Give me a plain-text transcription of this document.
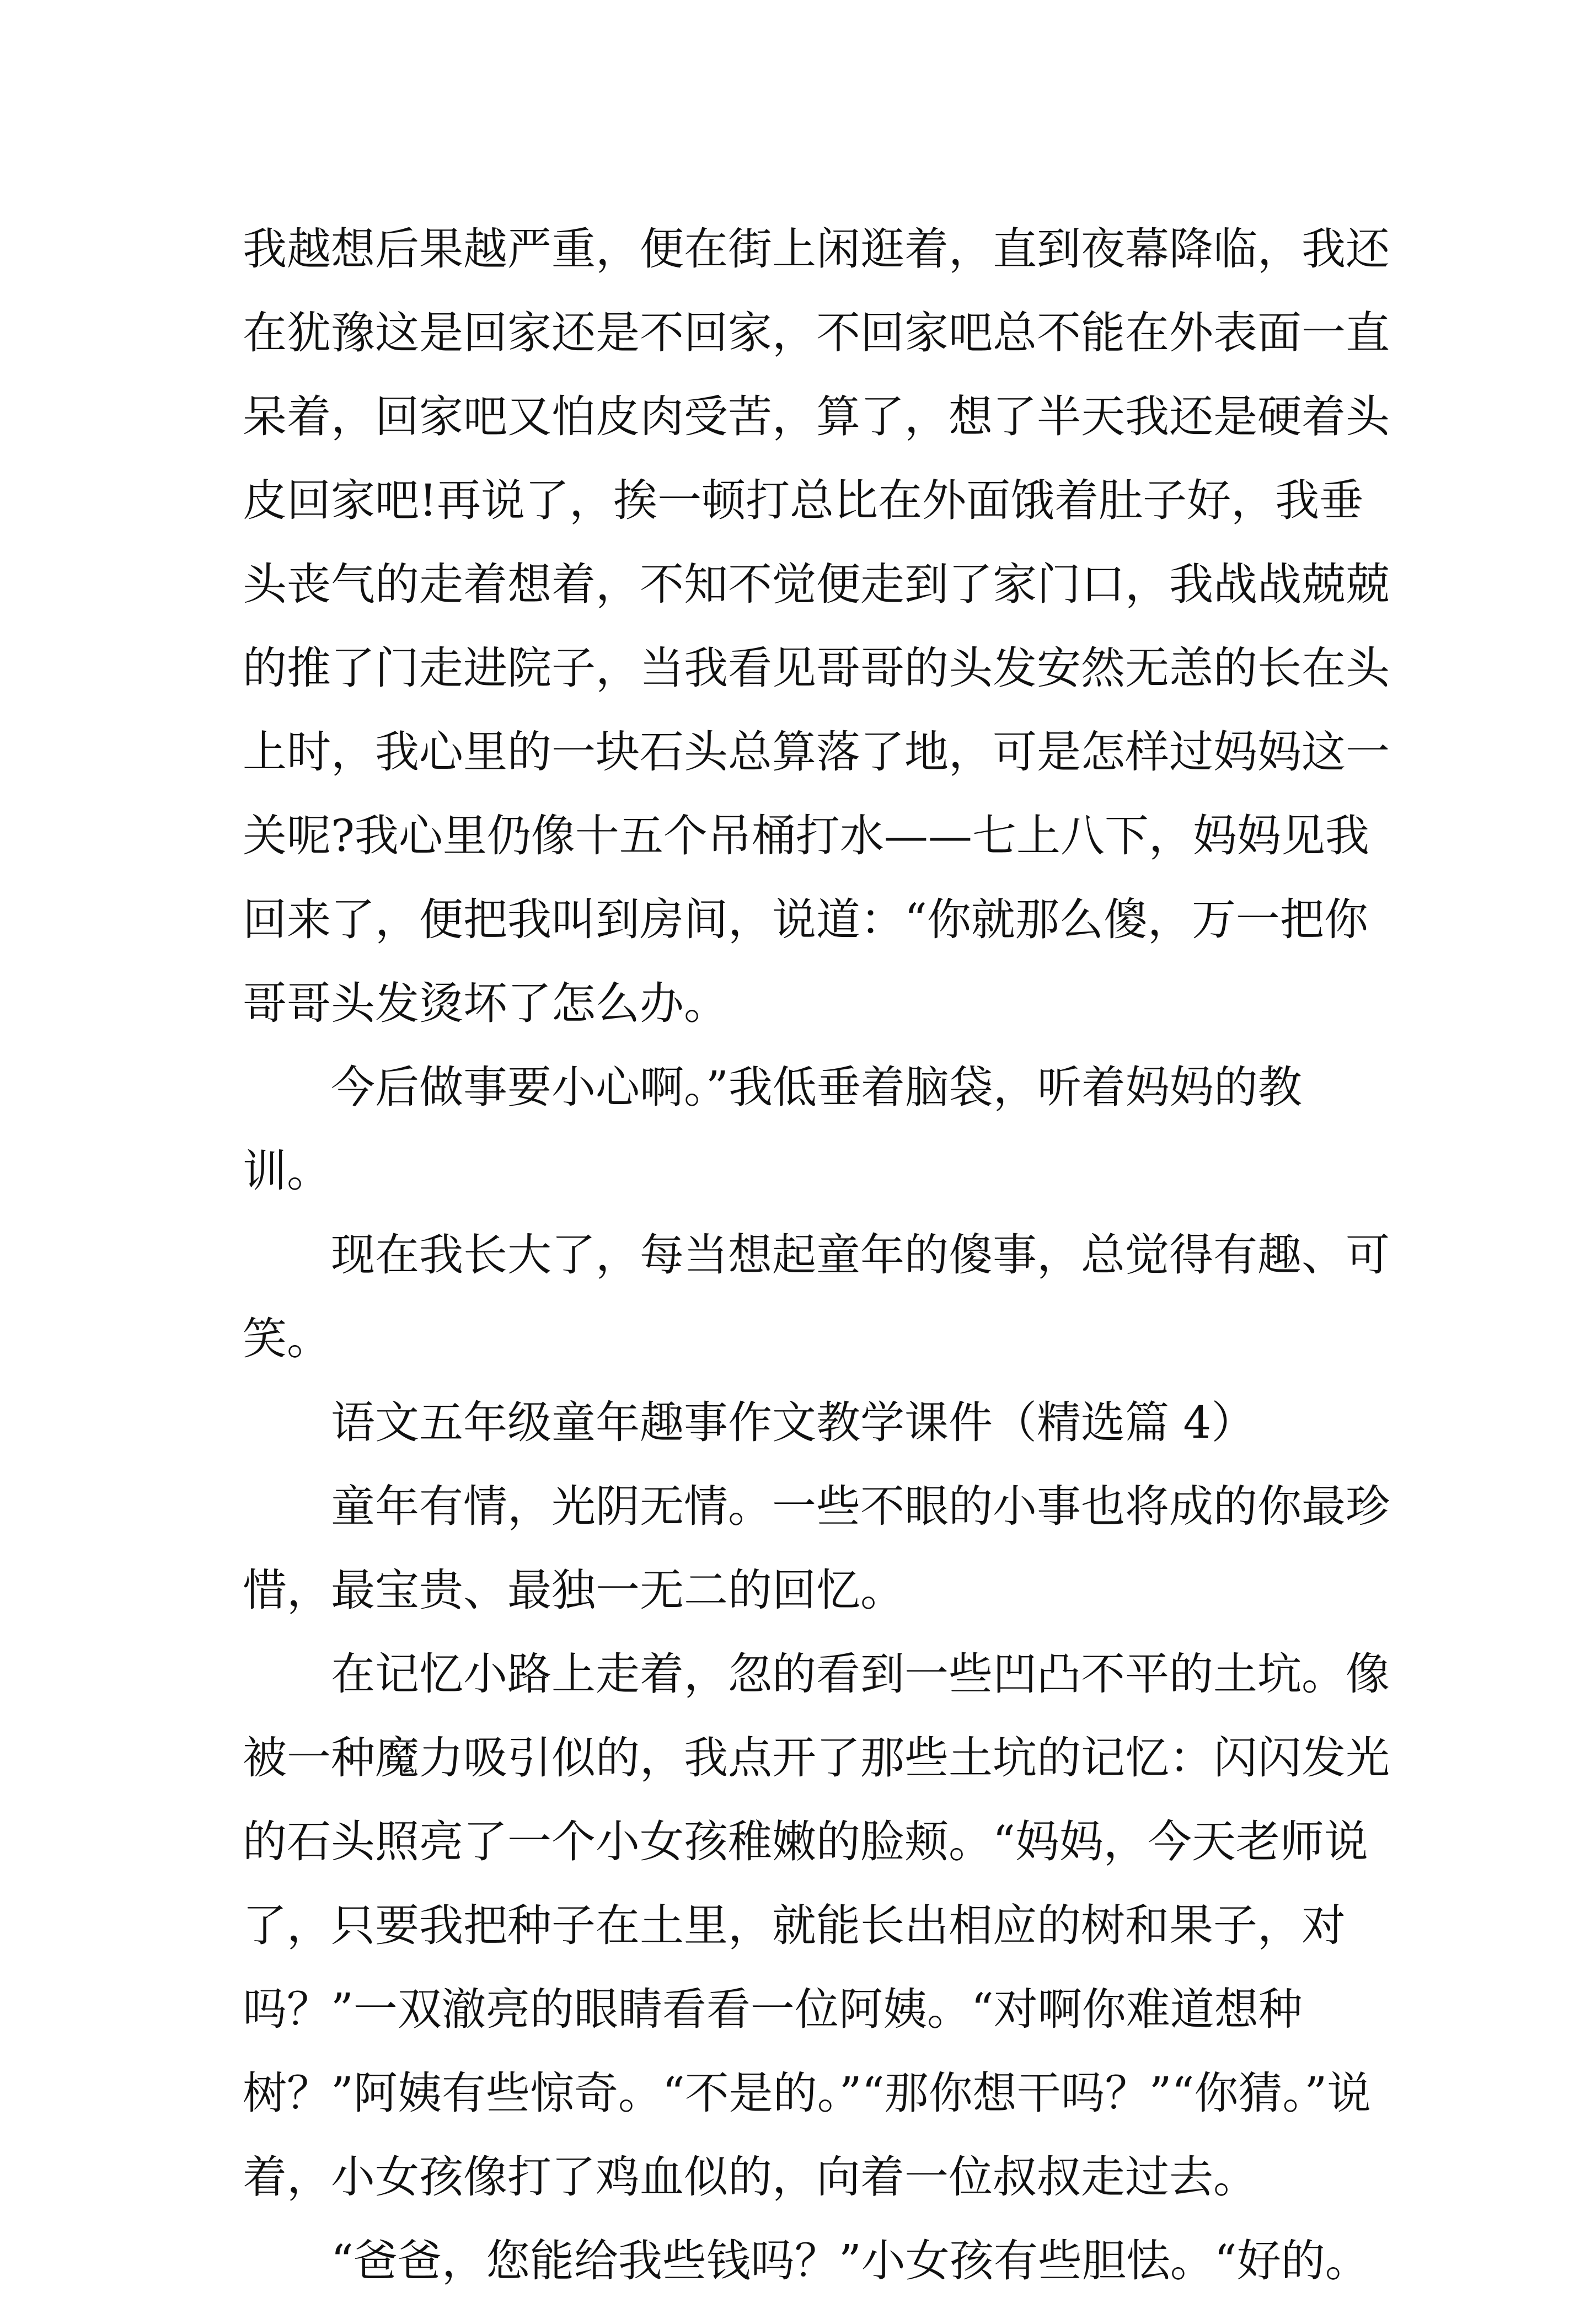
我越想后果越严重，便在街上闲逛着，直到夜幕降临，我还在犹豫这是回家还是不回家，不回家吧总不能在外表面一直呆着，回家吧又怕皮肉受苦，算了，想了半天我还是硬着头皮回家吧!再说了，挨一顿打总比在外面饿着肚子好，我垂头丧气的走着想着，不知不觉便走到了家门口，我战战兢兢的推了门走进院子，当我看见哥哥的头发安然无恙的长在头上时，我心里的一块石头总算落了地，可是怎样过妈妈这一关呢?我心里仍像十五个吊桶打水——七上八下，妈妈见我回来了，便把我叫到房间，说道：“你就那么傻，万一把你哥哥头发烫坏了怎么办。

　　今后做事要小心啊。”我低垂着脑袋，听着妈妈的教训。

　　现在我长大了，每当想起童年的傻事，总觉得有趣、可笑。

　　语文五年级童年趣事作文教学课件（精选篇 4）

　　童年有情，光阴无情。一些不眼的小事也将成的你最珍惜，最宝贵、最独一无二的回忆。

　　在记忆小路上走着，忽的看到一些凹凸不平的土坑。像被一种魔力吸引似的，我点开了那些土坑的记忆：闪闪发光的石头照亮了一个小女孩稚嫩的脸颊。“妈妈，今天老师说了，只要我把种子在土里，就能长出相应的树和果子，对吗？”一双澈亮的眼睛看看一位阿姨。“对啊你难道想种树？”阿姨有些惊奇。“不是的。”“那你想干吗？”“你猜。”说着，小女孩像打了鸡血似的，向着一位叔叔走过去。

　　“爸爸，您能给我些钱吗？”小女孩有些胆怯。“好的。
